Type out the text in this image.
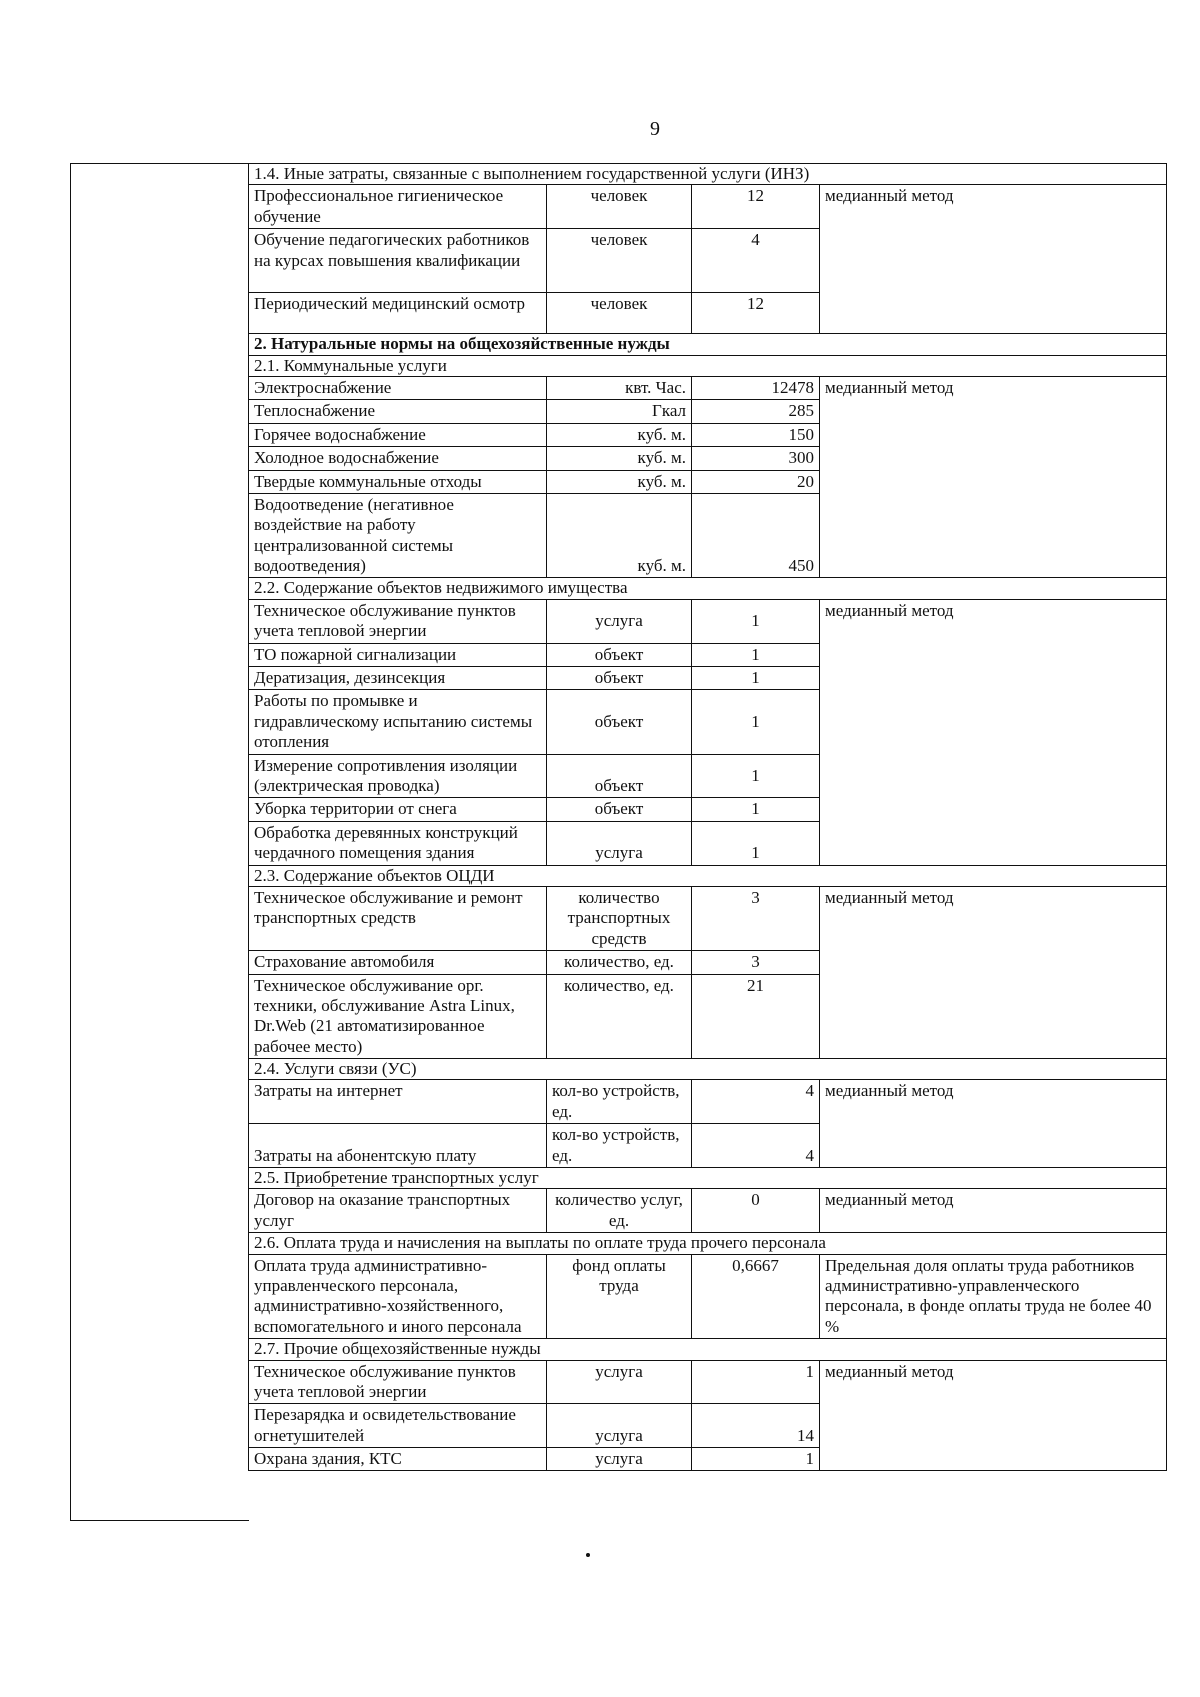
9
1.4. Иные затраты, связанные с выполнением государственной услуги (ИНЗ)			
Профессиональное гигиеническое обучение	человек	12	медианный метод
Обучение педагогических работников на курсах повышения квалификации	человек	4	
Периодический медицинский осмотр	человек	12	
2. Натуральные нормы на общехозяйственные нужды			
2.1. Коммунальные услуги			
Электроснабжение	квт. Час.	12478	медианный метод
Теплоснабжение	Гкал	285	
Горячее водоснабжение	куб. м.	150	
Холодное водоснабжение	куб. м.	300	
Твердые коммунальные отходы	куб. м.	20	
Водоотведение (негативное воздействие на работу централизованной системы водоотведения)	куб. м.	450	
2.2. Содержание объектов недвижимого имущества			
Техническое обслуживание пунктов учета тепловой энергии	услуга	1	медианный метод
ТО пожарной сигнализации	объект	1	
Дератизация, дезинсекция	объект	1	
Работы по промывке и гидравлическому испытанию системы отопления	объект	1	
Измерение сопротивления изоляции (электрическая проводка)	объект	1	
Уборка территории от снега	объект	1	
Обработка деревянных конструкций чердачного помещения здания	услуга	1	
2.3. Содержание объектов ОЦДИ			
Техническое обслуживание и ремонт транспортных средств	количество транспортных средств	3	медианный метод
Страхование автомобиля	количество, ед.	3	
Техническое обслуживание орг. техники, обслуживание Astra Linux, Dr.Web (21 автоматизированное рабочее место)	количество, ед.	21	
2.4. Услуги связи (УС)			
Затраты на интернет	кол-во устройств, ед.	4	медианный метод
Затраты на абонентскую плату	кол-во устройств, ед.	4	
2.5. Приобретение транспортных услуг			
Договор на оказание транспортных услуг	количество услуг, ед.	0	медианный метод
2.6. Оплата труда и начисления на выплаты по оплате труда прочего персонала			
Оплата труда административно-управленческого персонала, административно-хозяйственного, вспомогательного и иного персонала	фонд оплаты труда	0,6667	Предельная доля оплаты труда работников административно-управленческого персонала, в фонде оплаты труда не более 40 %
2.7. Прочие общехозяйственные нужды			
Техническое обслуживание пунктов учета тепловой энергии	услуга	1	медианный метод
Перезарядка и освидетельствование огнетушителей	услуга	14	
Охрана здания, КТС	услуга	1	
